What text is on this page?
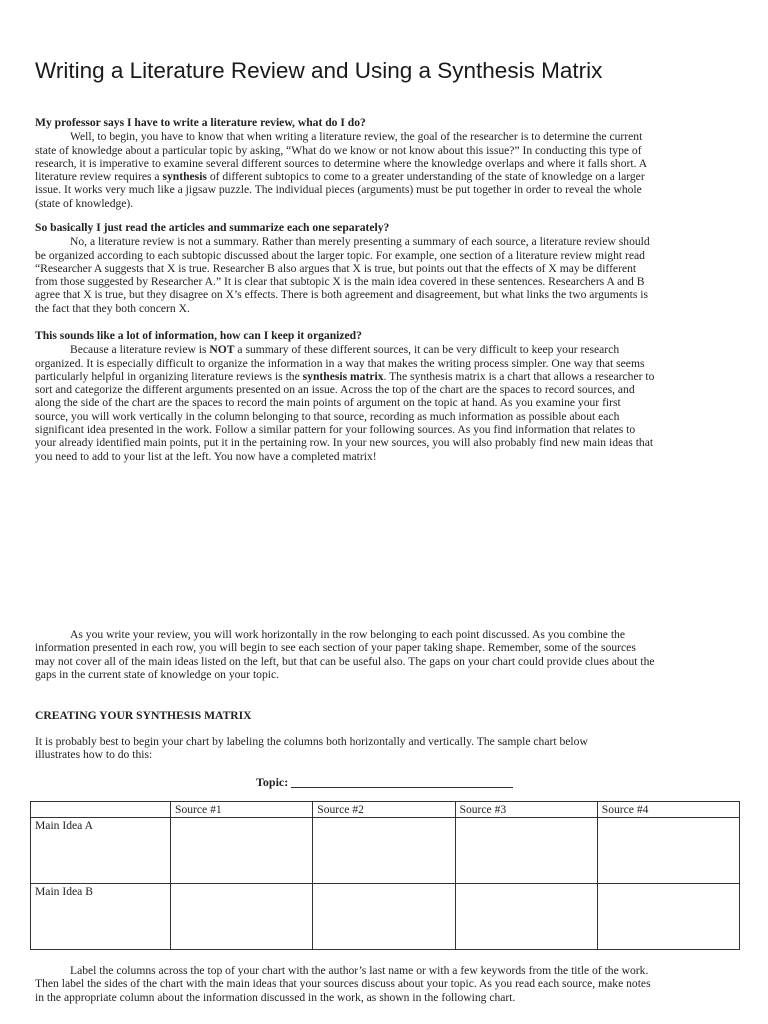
Writing a Literature Review and Using a Synthesis Matrix

My professor says I have to write a literature review, what do I do?

Well, to begin, you have to know that when writing a literature review, the goal of the researcher is to determine the current state of knowledge about a particular topic by asking, “What do we know or not know about this issue?” In conducting this type of research, it is imperative to examine several different sources to determine where the knowledge overlaps and where it falls short. A literature review requires a synthesis of different subtopics to come to a greater understanding of the state of knowledge on a larger issue. It works very much like a jigsaw puzzle. The individual pieces (arguments) must be put together in order to reveal the whole (state of knowledge).

So basically I just read the articles and summarize each one separately?

No, a literature review is not a summary. Rather than merely presenting a summary of each source, a literature review should be organized according to each subtopic discussed about the larger topic. For example, one section of a literature review might read “Researcher A suggests that X is true. Researcher B also argues that X is true, but points out that the effects of X may be different from those suggested by Researcher A.” It is clear that subtopic X is the main idea covered in these sentences. Researchers A and B agree that X is true, but they disagree on X’s effects. There is both agreement and disagreement, but what links the two arguments is the fact that they both concern X.

This sounds like a lot of information, how can I keep it organized?

Because a literature review is NOT a summary of these different sources, it can be very difficult to keep your research organized. It is especially difficult to organize the information in a way that makes the writing process simpler. One way that seems particularly helpful in organizing literature reviews is the synthesis matrix. The synthesis matrix is a chart that allows a researcher to sort and categorize the different arguments presented on an issue. Across the top of the chart are the spaces to record sources, and along the side of the chart are the spaces to record the main points of argument on the topic at hand. As you examine your first source, you will work vertically in the column belonging to that source, recording as much information as possible about each significant idea presented in the work. Follow a similar pattern for your following sources. As you find information that relates to your already identified main points, put it in the pertaining row. In your new sources, you will also probably find new main ideas that you need to add to your list at the left. You now have a completed matrix!

As you write your review, you will work horizontally in the row belonging to each point discussed. As you combine the information presented in each row, you will begin to see each section of your paper taking shape. Remember, some of the sources may not cover all of the main ideas listed on the left, but that can be useful also. The gaps on your chart could provide clues about the gaps in the current state of knowledge on your topic.

CREATING YOUR SYNTHESIS MATRIX

It is probably best to begin your chart by labeling the columns both horizontally and vertically. The sample chart below illustrates how to do this:

Topic:
	Source #1	Source #2	Source #3	Source #4
Main Idea A				
Main Idea B				

Label the columns across the top of your chart with the author’s last name or with a few keywords from the title of the work. Then label the sides of the chart with the main ideas that your sources discuss about your topic. As you read each source, make notes in the appropriate column about the information discussed in the work, as shown in the following chart.
